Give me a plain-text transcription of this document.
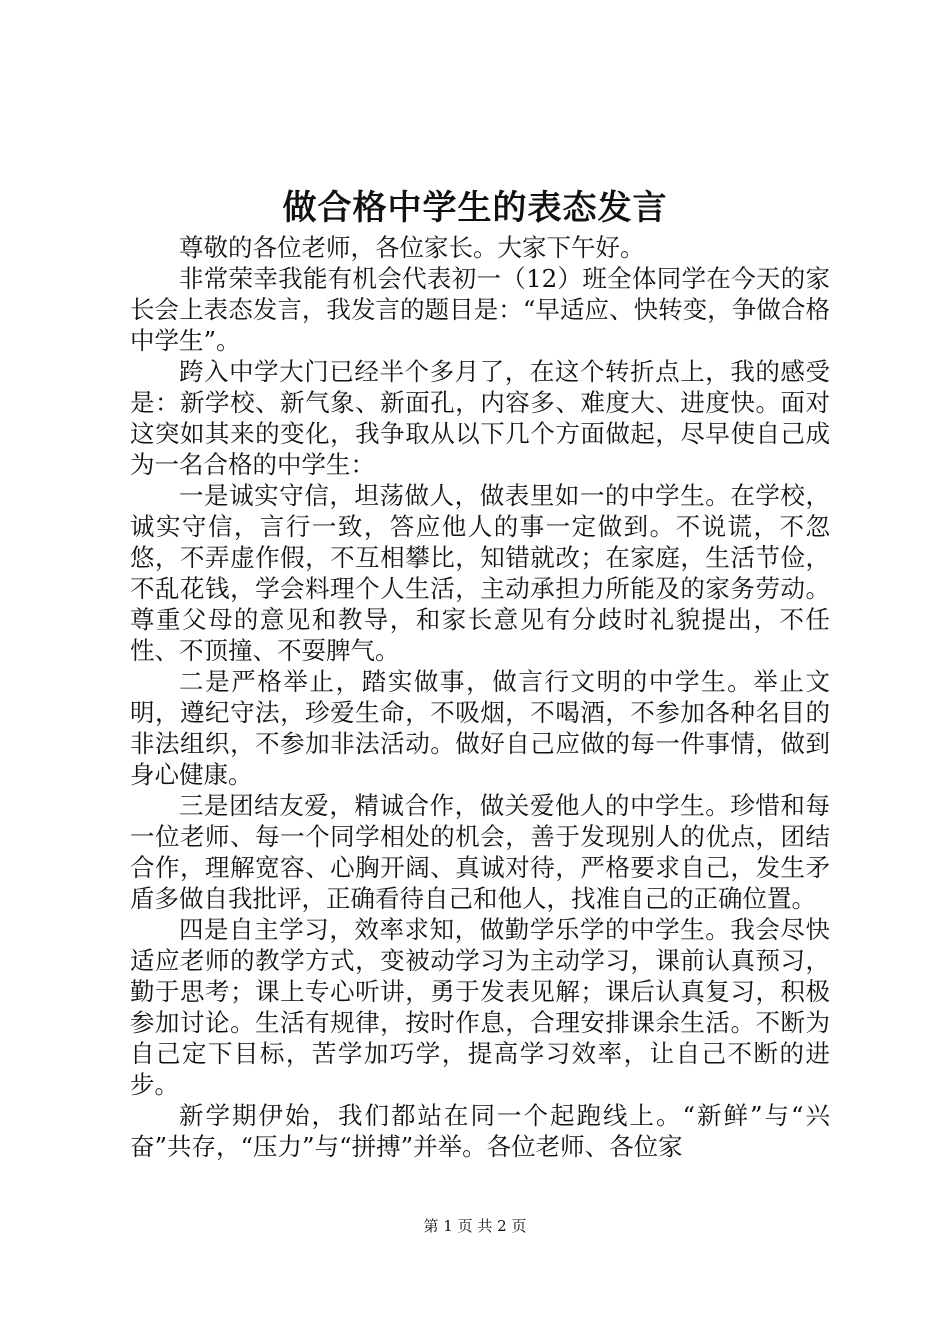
做合格中学生的表态发言

尊敬的各位老师，各位家长。大家下午好。

非常荣幸我能有机会代表初一（12）班全体同学在今天的家长会上表态发言，我发言的题目是：“早适应、快转变，争做合格中学生”。

跨入中学大门已经半个多月了，在这个转折点上，我的感受是：新学校、新气象、新面孔，内容多、难度大、进度快。面对这突如其来的变化，我争取从以下几个方面做起，尽早使自己成为一名合格的中学生：

一是诚实守信，坦荡做人，做表里如一的中学生。在学校，诚实守信，言行一致，答应他人的事一定做到。不说谎，不忽悠，不弄虚作假，不互相攀比，知错就改；在家庭，生活节俭，不乱花钱，学会料理个人生活，主动承担力所能及的家务劳动。尊重父母的意见和教导，和家长意见有分歧时礼貌提出，不任性、不顶撞、不耍脾气。

二是严格举止，踏实做事，做言行文明的中学生。举止文明，遵纪守法，珍爱生命，不吸烟，不喝酒，不参加各种名目的非法组织，不参加非法活动。做好自己应做的每一件事情，做到身心健康。

三是团结友爱，精诚合作，做关爱他人的中学生。珍惜和每一位老师、每一个同学相处的机会，善于发现别人的优点，团结合作，理解宽容、心胸开阔、真诚对待，严格要求自己，发生矛盾多做自我批评，正确看待自己和他人，找准自己的正确位置。

四是自主学习，效率求知，做勤学乐学的中学生。我会尽快适应老师的教学方式，变被动学习为主动学习，课前认真预习，勤于思考；课上专心听讲，勇于发表见解；课后认真复习，积极参加讨论。生活有规律，按时作息，合理安排课余生活。不断为自己定下目标，苦学加巧学，提高学习效率，让自己不断的进步。

新学期伊始，我们都站在同一个起跑线上。“新鲜”与“兴奋”共存，“压力”与“拼搏”并举。各位老师、各位家

第 1 页 共 2 页
